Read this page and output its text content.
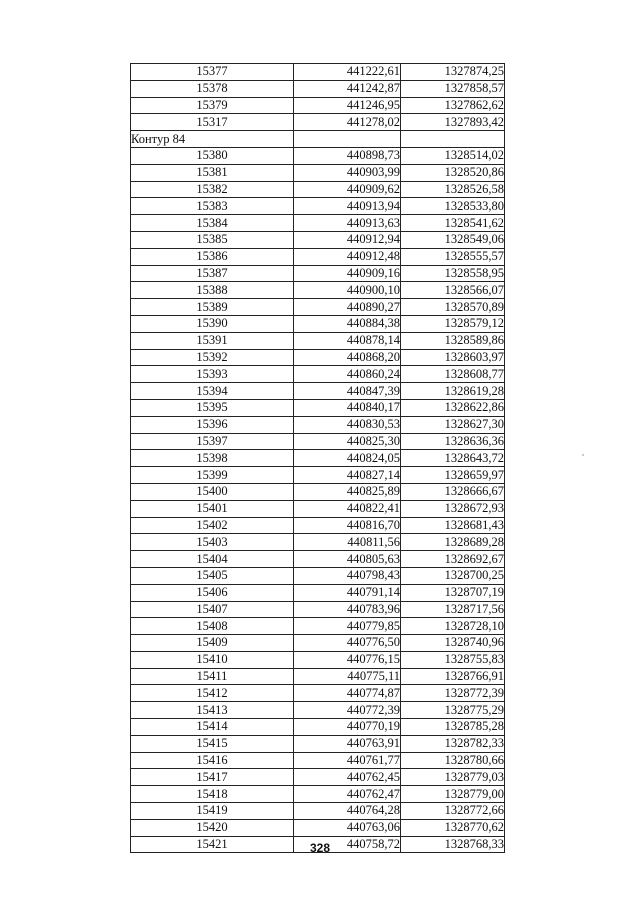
15377	441222,61	1327874,25
15378	441242,87	1327858,57
15379	441246,95	1327862,62
15317	441278,02	1327893,42
Контур 84		
15380	440898,73	1328514,02
15381	440903,99	1328520,86
15382	440909,62	1328526,58
15383	440913,94	1328533,80
15384	440913,63	1328541,62
15385	440912,94	1328549,06
15386	440912,48	1328555,57
15387	440909,16	1328558,95
15388	440900,10	1328566,07
15389	440890,27	1328570,89
15390	440884,38	1328579,12
15391	440878,14	1328589,86
15392	440868,20	1328603,97
15393	440860,24	1328608,77
15394	440847,39	1328619,28
15395	440840,17	1328622,86
15396	440830,53	1328627,30
15397	440825,30	1328636,36
15398	440824,05	1328643,72
15399	440827,14	1328659,97
15400	440825,89	1328666,67
15401	440822,41	1328672,93
15402	440816,70	1328681,43
15403	440811,56	1328689,28
15404	440805,63	1328692,67
15405	440798,43	1328700,25
15406	440791,14	1328707,19
15407	440783,96	1328717,56
15408	440779,85	1328728,10
15409	440776,50	1328740,96
15410	440776,15	1328755,83
15411	440775,11	1328766,91
15412	440774,87	1328772,39
15413	440772,39	1328775,29
15414	440770,19	1328785,28
15415	440763,91	1328782,33
15416	440761,77	1328780,66
15417	440762,45	1328779,03
15418	440762,47	1328779,00
15419	440764,28	1328772,66
15420	440763,06	1328770,62
15421	440758,72	1328768,33
328
